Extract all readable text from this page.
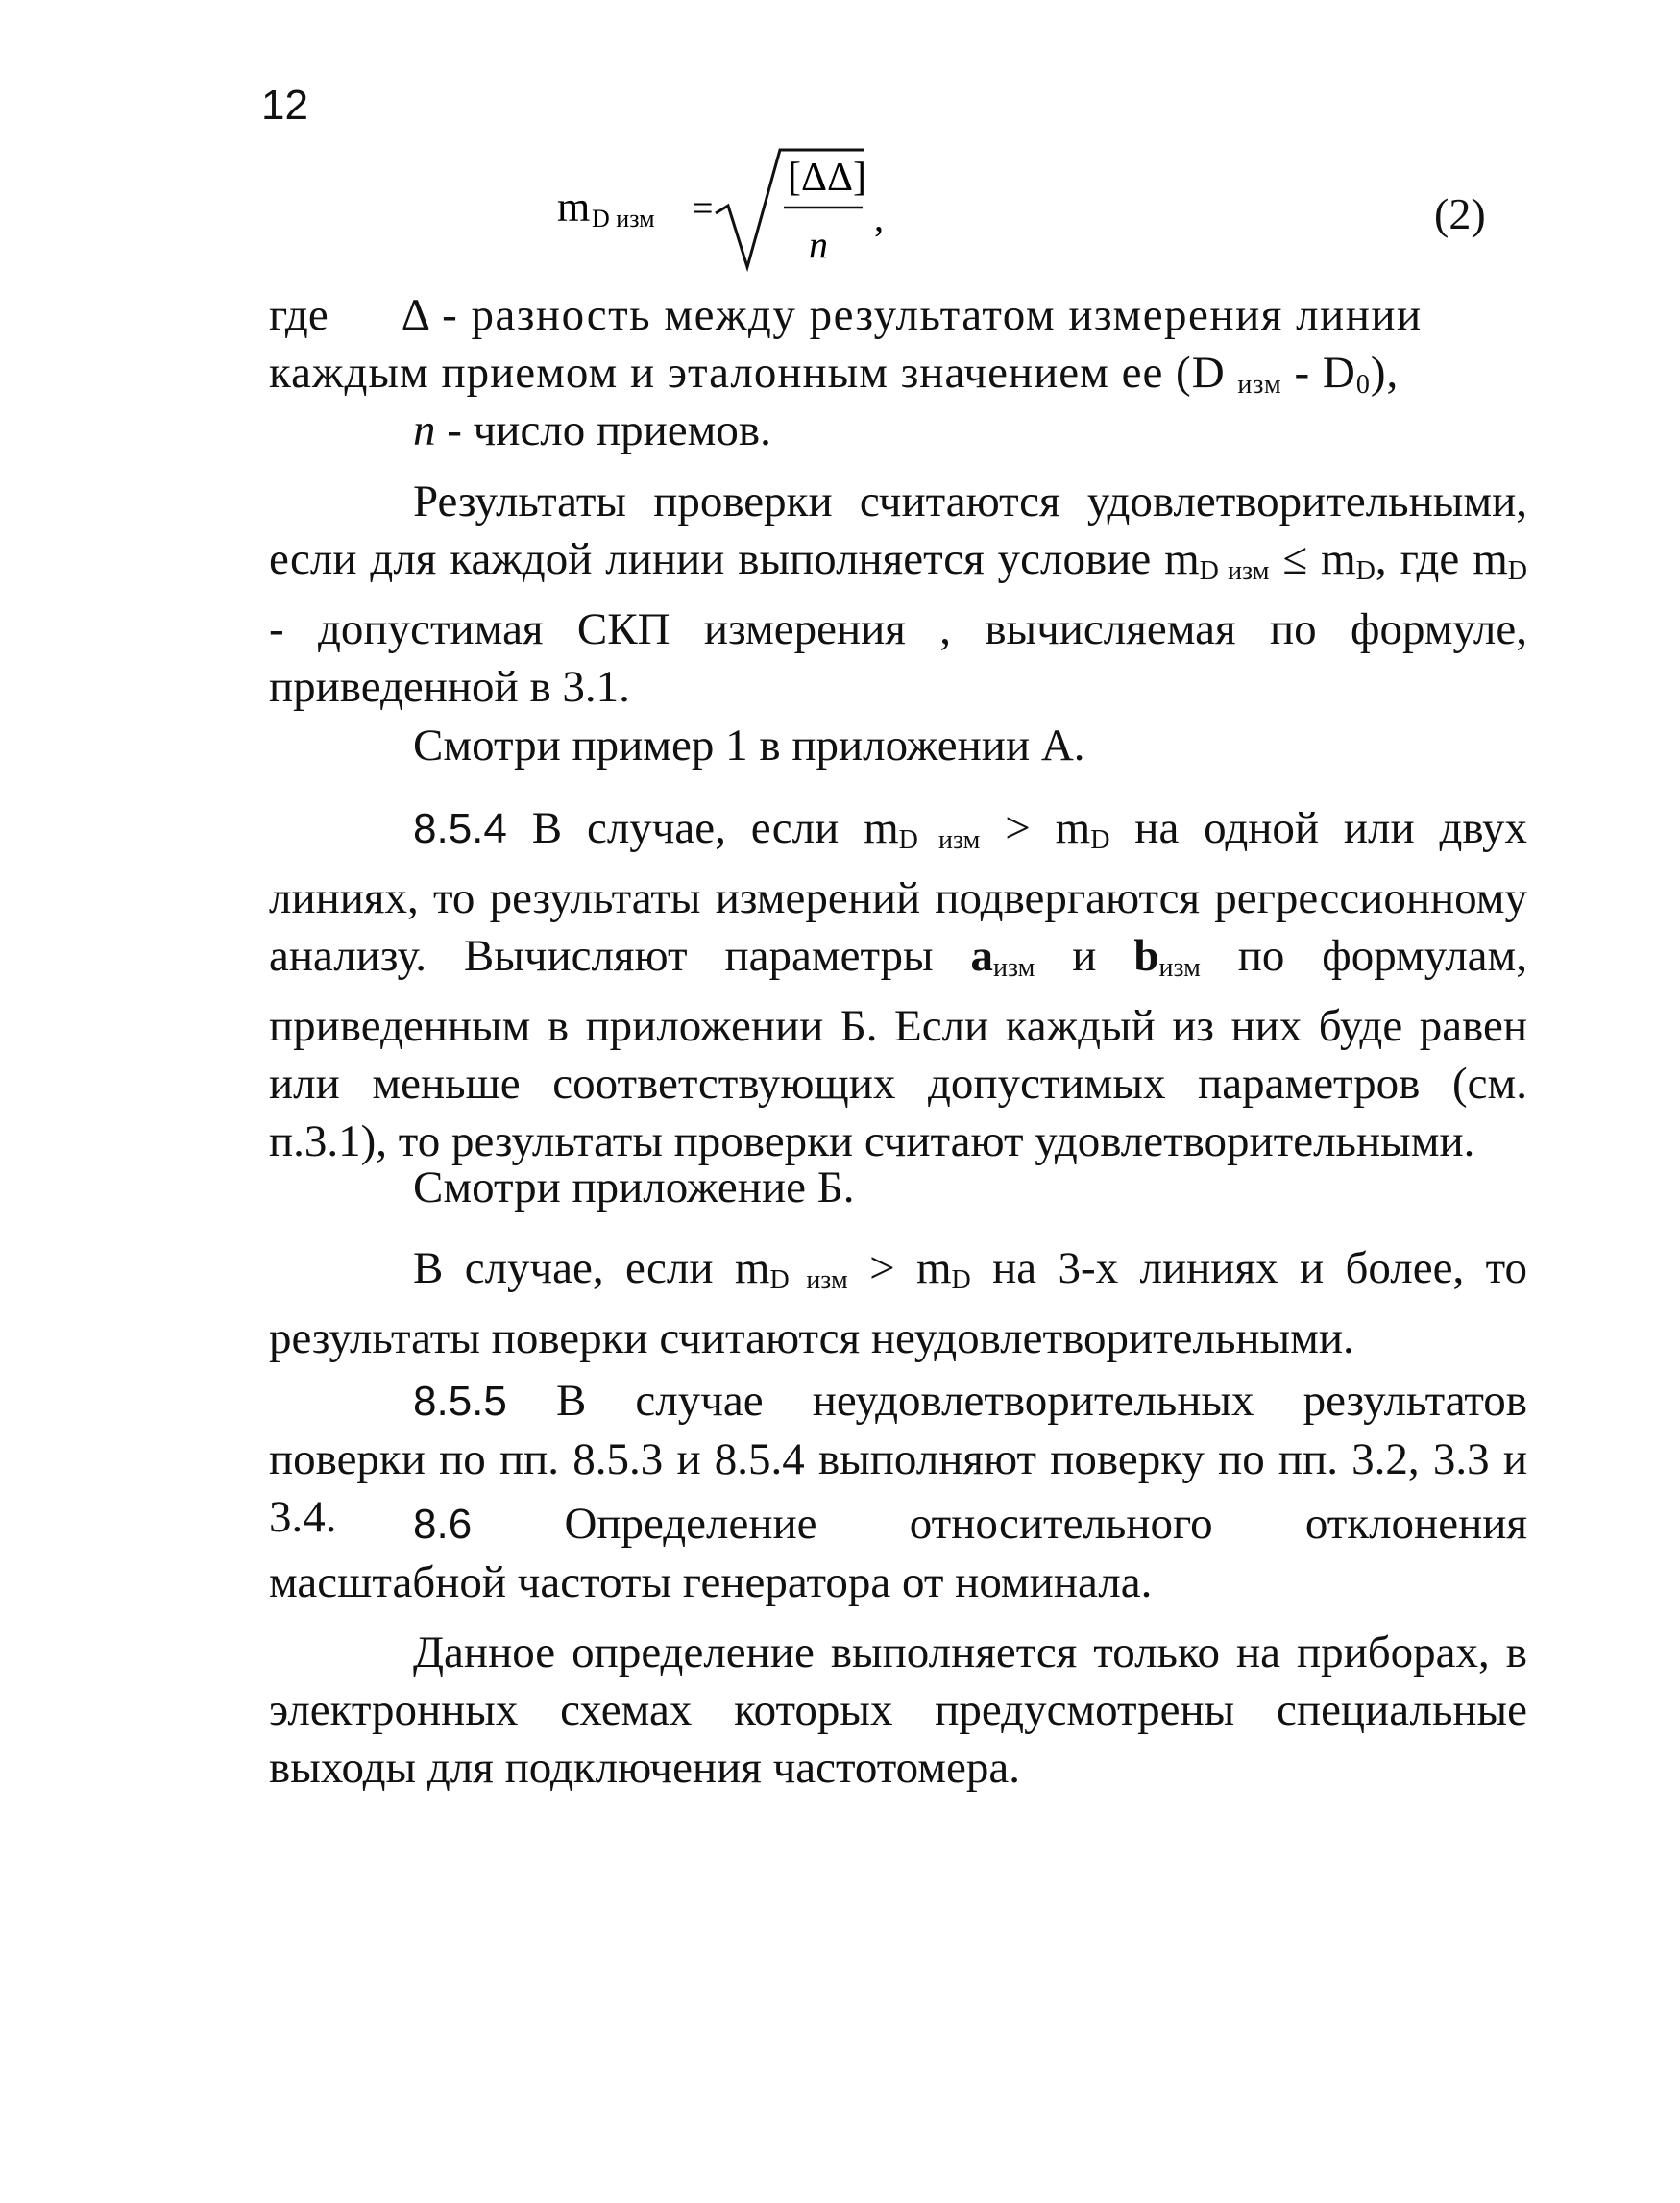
12
m D изм =
[ΔΔ]
n
,	(2)
где Δ - разность между результатом измерения линии
каждым приемом и эталонным значением ее (D $_{изм} - D_0$),
n - число приемов.

Результаты проверки считаются удовлетворительными, если для каждой линии выполняется условие $m_{D изм} \le m_D$, где $m_D$ - допустимая СКП измерения , вычисляемая по формуле, приведенной в 3.1.

Смотри пример 1 в приложении А.

8.5.4 В случае, если $m_{D изм} > m_D$ на одной или двух линиях, то результаты измерений подвергаются регрессионному анализу. Вычисляют параметры $a_{изм}$ и $b_{изм}$ по формулам, приведенным в приложении Б. Если каждый из них буде равен или меньше соответствующих допустимых параметров (см. п.3.1), то результаты проверки считают удовлетворительными.

Смотри приложение Б.

В случае, если $m_{D изм} > m_D$ на 3-х линиях и более, то результаты поверки считаются неудовлетворительными.

8.5.5 В случае неудовлетворительных результатов поверки по пп. 8.5.3 и 8.5.4 выполняют поверку по пп. 3.2, 3.3 и 3.4.	8.6 Определение относительного отклонения масштабной частоты генератора от номинала.

Данное определение выполняется только на приборах, в электронных схемах которых предусмотрены специальные выходы для подключения частотомера.
